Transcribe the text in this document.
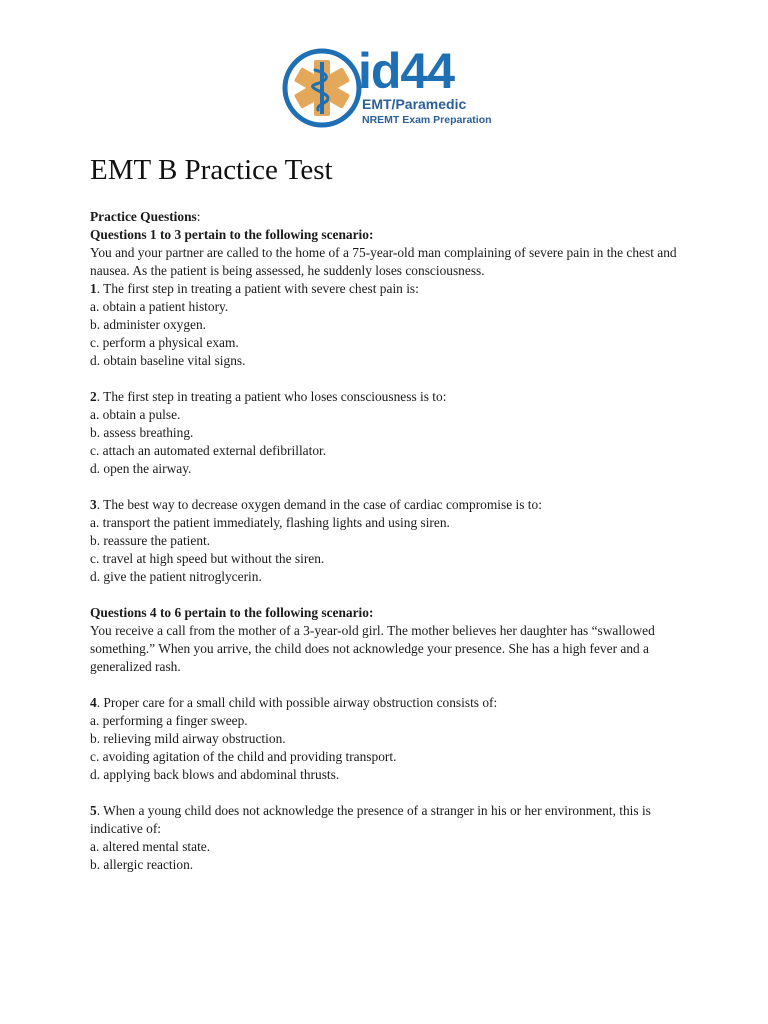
id44
EMT/Paramedic
NREMT Exam Preparation
EMT B Practice Test

Practice Questions:

Questions 1 to 3 pertain to the following scenario:

You and your partner are called to the home of a 75-year-old man complaining of severe pain in the chest and nausea. As the patient is being assessed, he suddenly loses consciousness.

1. The first step in treating a patient with severe chest pain is:

a. obtain a patient history.
b. administer oxygen.
c. perform a physical exam.
d. obtain baseline vital signs.

2. The first step in treating a patient who loses consciousness is to:

a. obtain a pulse.
b. assess breathing.
c. attach an automated external defibrillator.
d. open the airway.

3. The best way to decrease oxygen demand in the case of cardiac compromise is to:

a. transport the patient immediately, flashing lights and using siren.
b. reassure the patient.
c. travel at high speed but without the siren.
d. give the patient nitroglycerin.

Questions 4 to 6 pertain to the following scenario:

You receive a call from the mother of a 3-year-old girl. The mother believes her daughter has “swallowed something.” When you arrive, the child does not acknowledge your presence. She has a high fever and a generalized rash.

4. Proper care for a small child with possible airway obstruction consists of:

a. performing a finger sweep.
b. relieving mild airway obstruction.
c. avoiding agitation of the child and providing transport.
d. applying back blows and abdominal thrusts.

5. When a young child does not acknowledge the presence of a stranger in his or her environment, this is indicative of:

a. altered mental state.
b. allergic reaction.
